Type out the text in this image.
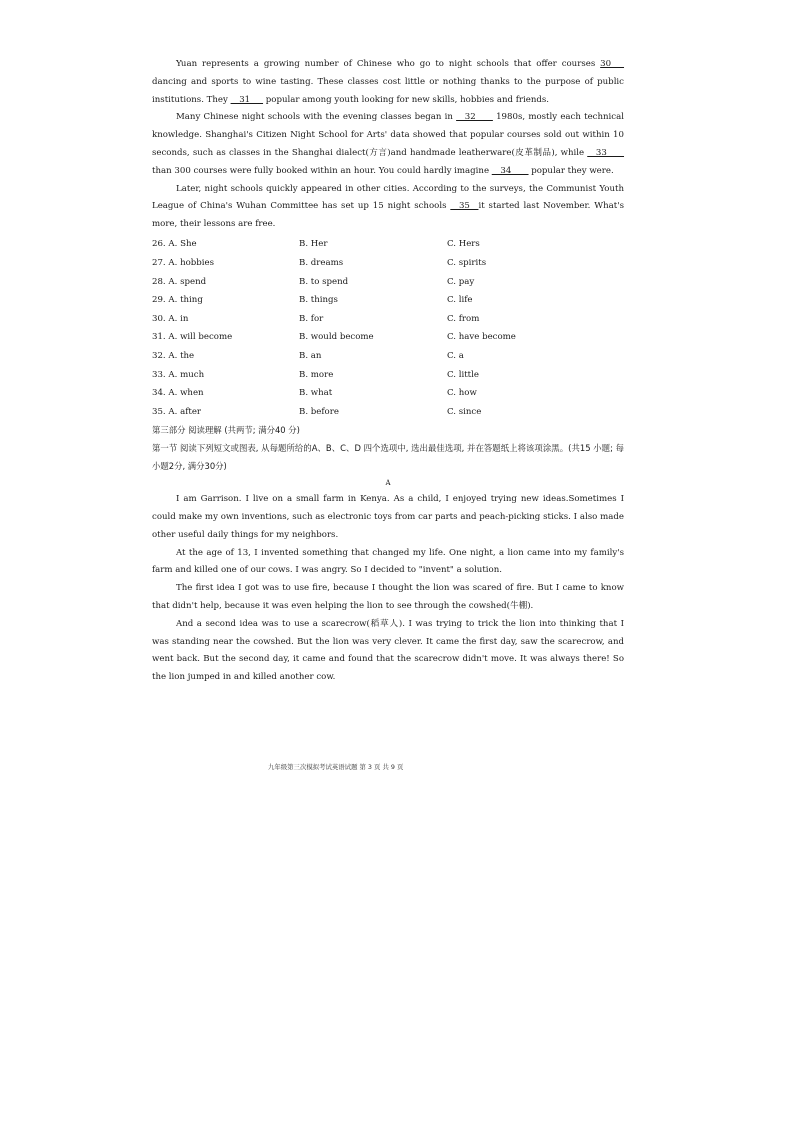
Yuan represents a growing number of Chinese who go to night schools that offer courses 30___ dancing and sports to wine tasting. These classes cost little or nothing thanks to the purpose of public institutions. They __31___ popular among youth looking for new skills, hobbies and friends.

Many Chinese night schools with the evening classes began in __32____ 1980s, mostly each technical knowledge. Shanghai's Citizen Night School for Arts' data showed that popular courses sold out within 10 seconds, such as classes in the Shanghai dialect(方言)and handmade leatherware(皮革制品), while __33____ than 300 courses were fully booked within an hour. You could hardly imagine __34____ popular they were.

Later, night schools quickly appeared in other cities. According to the surveys, the Communist Youth League of China's Wuhan Committee has set up 15 night schools __35__it started last November. What's more, their lessons are free.

26. A. She	B. Her	C. Hers
27. A. hobbies	B. dreams	C. spirits
28. A. spend	B. to spend	C. pay
29. A. thing	B. things	C. life
30. A. in	B. for	C. from
31. A. will become	B. would become	C. have become
32. A. the	B. an	C. a
33. A. much	B. more	C. little
34. A. when	B. what	C. how
35. A. after	B. before	C. since

第三部分 阅读理解 (共两节; 满分40 分)

第一节 阅读下列短文或图表, 从每题所给的A、B、C、D 四个选项中, 选出最佳选项, 并在答题纸上将该项涂黑。(共15 小题; 每小题2分, 满分30分)

A

I am Garrison. I live on a small farm in Kenya. As a child, I enjoyed trying new ideas.Sometimes I could make my own inventions, such as electronic toys from car parts and peach-picking sticks. I also made other useful daily things for my neighbors.

At the age of 13, I invented something that changed my life. One night, a lion came into my family's farm and killed one of our cows. I was angry. So I decided to "invent" a solution.

The first idea I got was to use fire, because I thought the lion was scared of fire. But I came to know that didn't help, because it was even helping the lion to see through the cowshed(牛棚).

And a second idea was to use a scarecrow(稻草人). I was trying to trick the lion into thinking that I was standing near the cowshed. But the lion was very clever. It came the first day, saw the scarecrow, and went back. But the second day, it came and found that the scarecrow didn't move. It was always there! So the lion jumped in and killed another cow.

九年级第三次模拟考试英语试题 第 3 页 共 9 页
